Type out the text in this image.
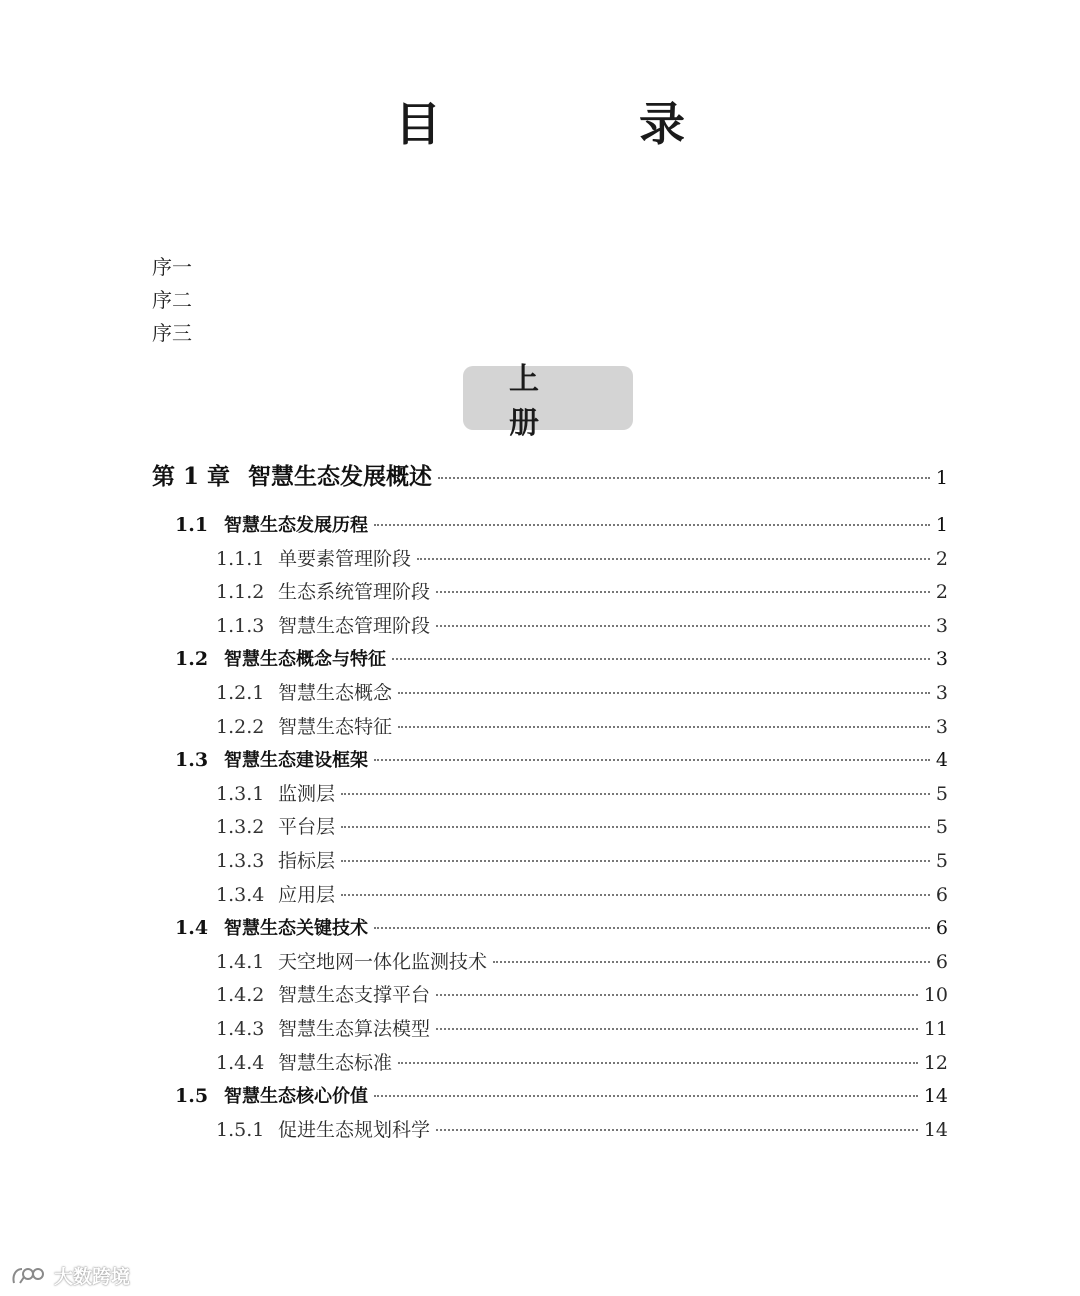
目　录
序一
序二
序三
上 册
第 1 章 智慧生态发展概述	1
1.1 智慧生态发展历程	1
1.1.1 单要素管理阶段	2
1.1.2 生态系统管理阶段	2
1.1.3 智慧生态管理阶段	3
1.2 智慧生态概念与特征	3
1.2.1 智慧生态概念	3
1.2.2 智慧生态特征	3
1.3 智慧生态建设框架	4
1.3.1 监测层	5
1.3.2 平台层	5
1.3.3 指标层	5
1.3.4 应用层	6
1.4 智慧生态关键技术	6
1.4.1 天空地网一体化监测技术	6
1.4.2 智慧生态支撑平台	10
1.4.3 智慧生态算法模型	11
1.4.4 智慧生态标准	12
1.5 智慧生态核心价值	14
1.5.1 促进生态规划科学	14
大数跨境
